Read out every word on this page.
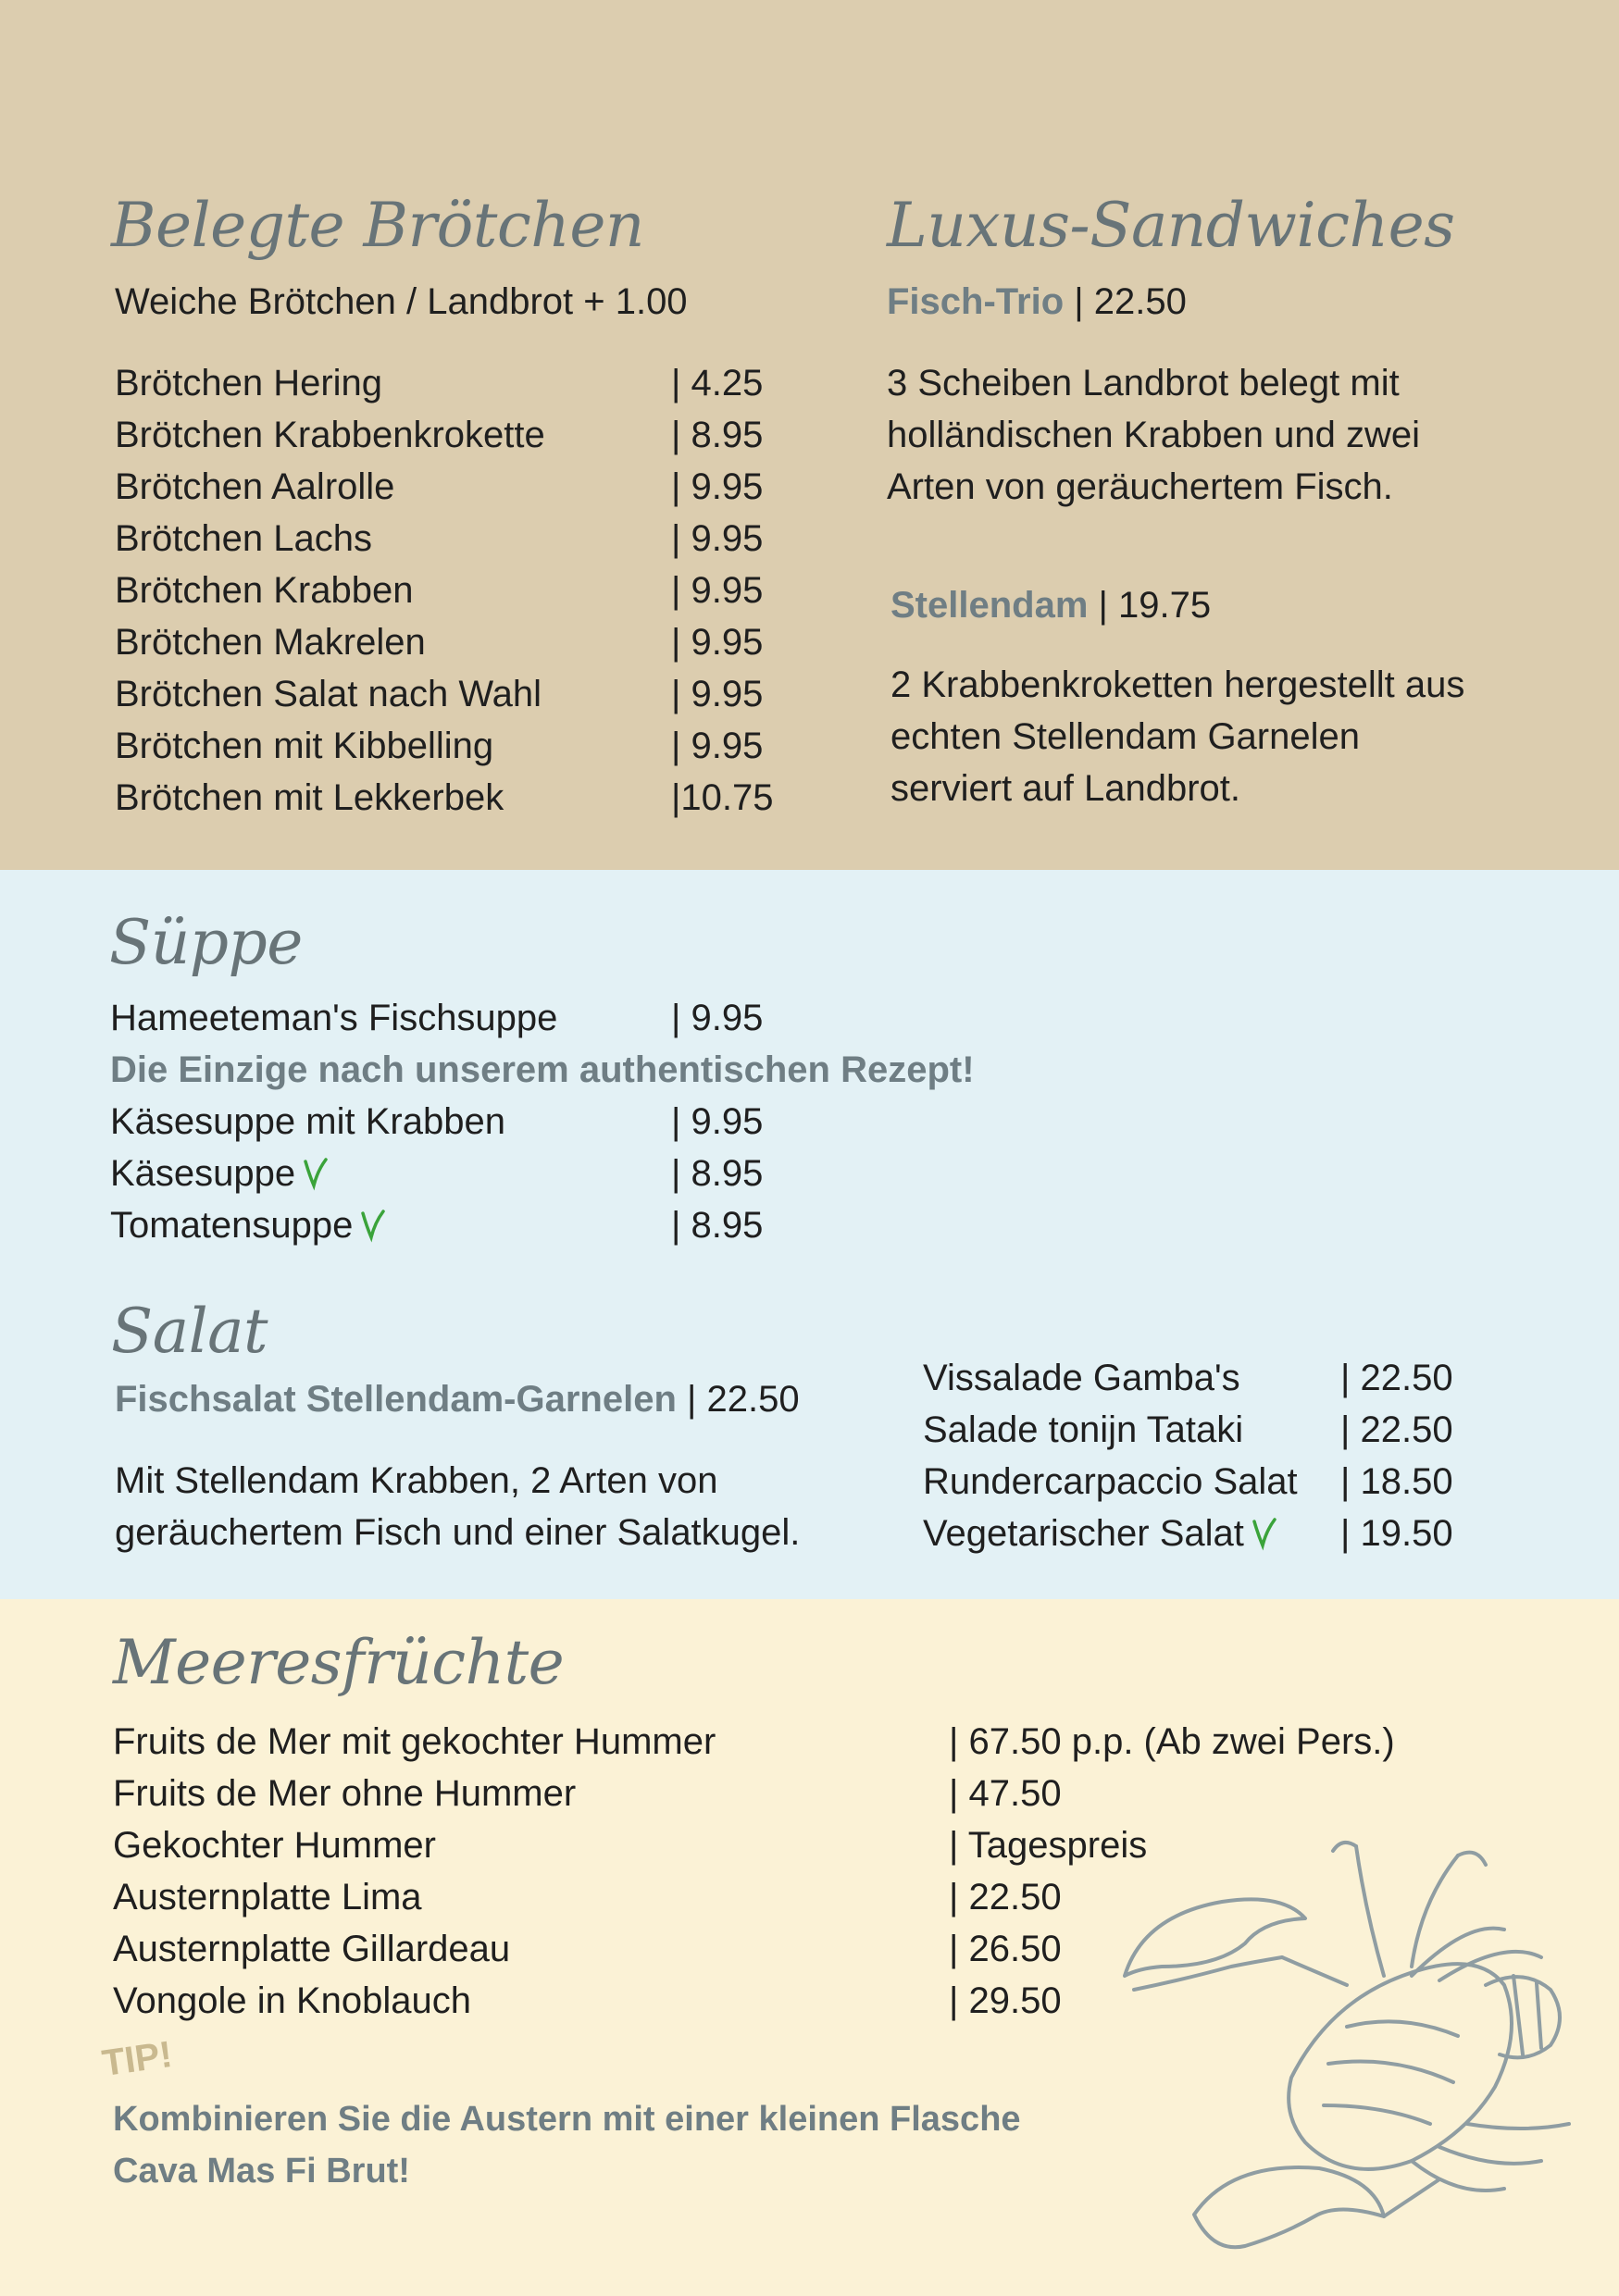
Belegte Brötchen
Weiche Brötchen / Landbrot + 1.00
Brötchen Hering	| 4.25
Brötchen Krabbenkrokette	| 8.95
Brötchen Aalrolle	| 9.95
Brötchen Lachs	| 9.95
Brötchen Krabben	| 9.95
Brötchen Makrelen	| 9.95
Brötchen Salat nach Wahl	| 9.95
Brötchen mit Kibbelling	| 9.95
Brötchen mit Lekkerbek	|10.75
Luxus-Sandwiches
Fisch-Trio | 22.50
3 Scheiben Landbrot belegt mit
holländischen Krabben und zwei
Arten von geräuchertem Fisch.
Stellendam | 19.75
2 Krabbenkroketten hergestellt aus
echten Stellendam Garnelen
serviert auf Landbrot.
Süppe
Hameeteman's Fischsuppe	| 9.95
Die Einzige nach unserem authentischen Rezept!
Käsesuppe mit Krabben	| 9.95
Käsesuppe	| 8.95
Tomatensuppe	| 8.95
Salat
Fischsalat Stellendam-Garnelen | 22.50
Mit Stellendam Krabben, 2 Arten von
geräuchertem Fisch und einer Salatkugel.
Vissalade Gamba's	| 22.50
Salade tonijn Tataki	| 22.50
Rundercarpaccio Salat | 18.50
Vegetarischer Salat	| 19.50
Meeresfrüchte
Fruits de Mer mit gekochter Hummer	| 67.50 p.p. (Ab zwei Pers.)
Fruits de Mer ohne Hummer	| 47.50
Gekochter Hummer	| Tagespreis
Austernplatte Lima	| 22.50
Austernplatte Gillardeau	| 26.50
Vongole in Knoblauch	| 29.50
TIP!
Kombinieren Sie die Austern mit einer kleinen Flasche
Cava Mas Fi Brut!
